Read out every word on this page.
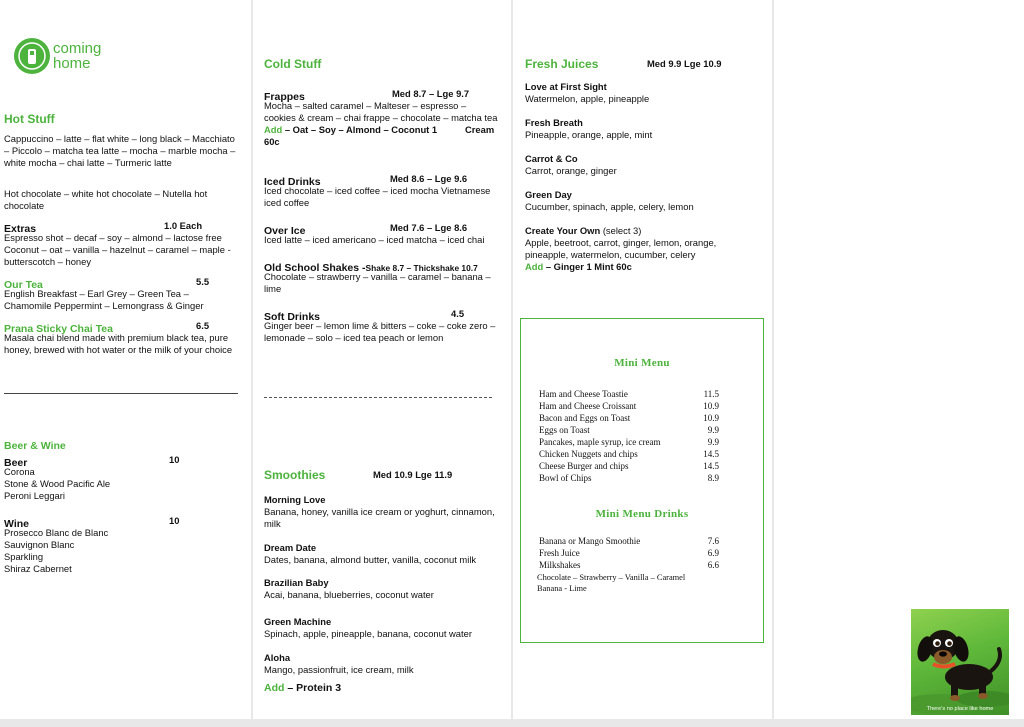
coming
home
Hot Stuff
Cappuccino – latte – flat white – long black – Macchiato – Piccolo – matcha tea latte – mocha – marble mocha – white mocha – chai latte – Turmeric latte
Hot chocolate – white hot chocolate – Nutella hot chocolate
Extras	1.0 Each
Espresso shot – decaf – soy – almond – lactose free Coconut – oat – vanilla – hazelnut – caramel – maple -butterscotch – honey
Our Tea	5.5
English Breakfast – Earl Grey – Green Tea – Chamomile Peppermint – Lemongrass & Ginger
Prana Sticky Chai Tea	6.5
Masala chai blend made with premium black tea, pure honey, brewed with hot water or the milk of your choice
Beer & Wine
Beer	10
Corona
Stone & Wood Pacific Ale
Peroni Leggari
Wine	10
Prosecco Blanc de Blanc
Sauvignon Blanc
Sparkling
Shiraz Cabernet
Cold Stuff
Frappes	Med 8.7 – Lge 9.7
Mocha – salted caramel – Malteser – espresso – cookies & cream – chai frappe – chocolate – matcha tea
Add – Oat – Soy – Almond – Coconut 1	Cream
60c
Iced Drinks	Med 8.6 – Lge 9.6
Iced chocolate – iced coffee – iced mocha Vietnamese iced coffee
Over Ice	Med 7.6 – Lge 8.6
Iced latte – iced americano – iced matcha – iced chai
Old School Shakes -Shake 8.7 – Thickshake 10.7
Chocolate – strawberry – vanilla – caramel – banana – lime
Soft Drinks	4.5
Ginger beer – lemon lime & bitters – coke – coke zero – lemonade – solo – iced tea peach or lemon
Smoothies	Med 10.9 Lge 11.9
Morning Love
Banana, honey, vanilla ice cream or yoghurt, cinnamon, milk
Dream Date
Dates, banana, almond butter, vanilla, coconut milk
Brazilian Baby
Acai, banana, blueberries, coconut water
Green Machine
Spinach, apple, pineapple, banana, coconut water
Aloha
Mango, passionfruit, ice cream, milk
Add – Protein 3
Fresh Juices	Med 9.9 Lge 10.9
Love at First Sight
Watermelon, apple, pineapple
Fresh Breath
Pineapple, orange, apple, mint
Carrot & Co
Carrot, orange, ginger
Green Day
Cucumber, spinach, apple, celery, lemon
Create Your Own (select 3)
Apple, beetroot, carrot, ginger, lemon, orange, pineapple, watermelon, cucumber, celery
Add – Ginger 1 Mint 60c
Mini Menu
Ham and Cheese Toastie	11.5
Ham and Cheese Croissant	10.9
Bacon and Eggs on Toast	10.9
Eggs on Toast	9.9
Pancakes, maple syrup, ice cream	9.9
Chicken Nuggets and chips	14.5
Cheese Burger and chips	14.5
Bowl of Chips	8.9
Mini Menu Drinks
Banana or Mango Smoothie	7.6
Fresh Juice	6.9
Milkshakes	6.6
Chocolate – Strawberry – Vanilla – Caramel Banana - Lime
There's no place like home
